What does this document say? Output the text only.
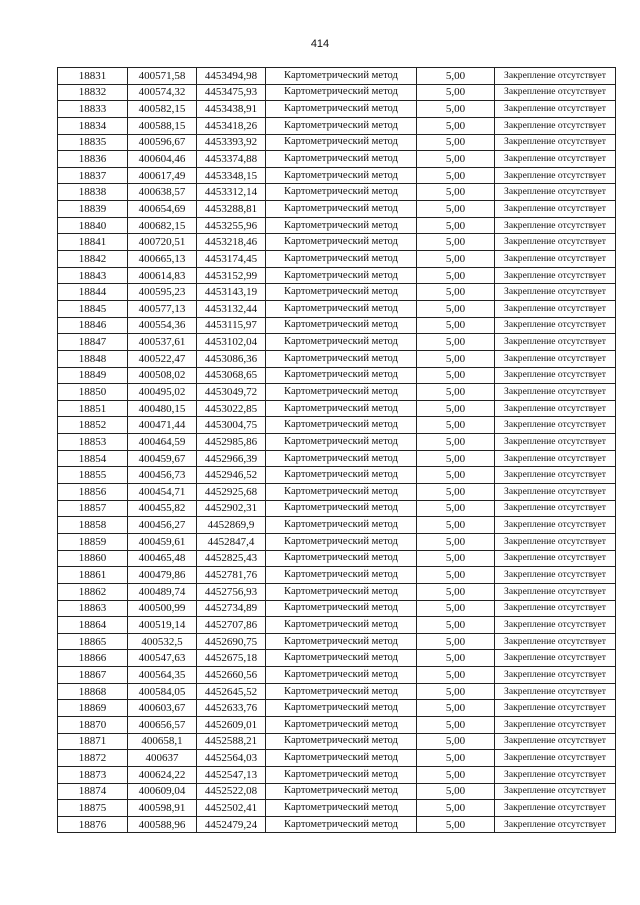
414
18831	400571,58	4453494,98	Картометрический метод	5,00	Закрепление отсутствует
18832	400574,32	4453475,93	Картометрический метод	5,00	Закрепление отсутствует
18833	400582,15	4453438,91	Картометрический метод	5,00	Закрепление отсутствует
18834	400588,15	4453418,26	Картометрический метод	5,00	Закрепление отсутствует
18835	400596,67	4453393,92	Картометрический метод	5,00	Закрепление отсутствует
18836	400604,46	4453374,88	Картометрический метод	5,00	Закрепление отсутствует
18837	400617,49	4453348,15	Картометрический метод	5,00	Закрепление отсутствует
18838	400638,57	4453312,14	Картометрический метод	5,00	Закрепление отсутствует
18839	400654,69	4453288,81	Картометрический метод	5,00	Закрепление отсутствует
18840	400682,15	4453255,96	Картометрический метод	5,00	Закрепление отсутствует
18841	400720,51	4453218,46	Картометрический метод	5,00	Закрепление отсутствует
18842	400665,13	4453174,45	Картометрический метод	5,00	Закрепление отсутствует
18843	400614,83	4453152,99	Картометрический метод	5,00	Закрепление отсутствует
18844	400595,23	4453143,19	Картометрический метод	5,00	Закрепление отсутствует
18845	400577,13	4453132,44	Картометрический метод	5,00	Закрепление отсутствует
18846	400554,36	4453115,97	Картометрический метод	5,00	Закрепление отсутствует
18847	400537,61	4453102,04	Картометрический метод	5,00	Закрепление отсутствует
18848	400522,47	4453086,36	Картометрический метод	5,00	Закрепление отсутствует
18849	400508,02	4453068,65	Картометрический метод	5,00	Закрепление отсутствует
18850	400495,02	4453049,72	Картометрический метод	5,00	Закрепление отсутствует
18851	400480,15	4453022,85	Картометрический метод	5,00	Закрепление отсутствует
18852	400471,44	4453004,75	Картометрический метод	5,00	Закрепление отсутствует
18853	400464,59	4452985,86	Картометрический метод	5,00	Закрепление отсутствует
18854	400459,67	4452966,39	Картометрический метод	5,00	Закрепление отсутствует
18855	400456,73	4452946,52	Картометрический метод	5,00	Закрепление отсутствует
18856	400454,71	4452925,68	Картометрический метод	5,00	Закрепление отсутствует
18857	400455,82	4452902,31	Картометрический метод	5,00	Закрепление отсутствует
18858	400456,27	4452869,9	Картометрический метод	5,00	Закрепление отсутствует
18859	400459,61	4452847,4	Картометрический метод	5,00	Закрепление отсутствует
18860	400465,48	4452825,43	Картометрический метод	5,00	Закрепление отсутствует
18861	400479,86	4452781,76	Картометрический метод	5,00	Закрепление отсутствует
18862	400489,74	4452756,93	Картометрический метод	5,00	Закрепление отсутствует
18863	400500,99	4452734,89	Картометрический метод	5,00	Закрепление отсутствует
18864	400519,14	4452707,86	Картометрический метод	5,00	Закрепление отсутствует
18865	400532,5	4452690,75	Картометрический метод	5,00	Закрепление отсутствует
18866	400547,63	4452675,18	Картометрический метод	5,00	Закрепление отсутствует
18867	400564,35	4452660,56	Картометрический метод	5,00	Закрепление отсутствует
18868	400584,05	4452645,52	Картометрический метод	5,00	Закрепление отсутствует
18869	400603,67	4452633,76	Картометрический метод	5,00	Закрепление отсутствует
18870	400656,57	4452609,01	Картометрический метод	5,00	Закрепление отсутствует
18871	400658,1	4452588,21	Картометрический метод	5,00	Закрепление отсутствует
18872	400637	4452564,03	Картометрический метод	5,00	Закрепление отсутствует
18873	400624,22	4452547,13	Картометрический метод	5,00	Закрепление отсутствует
18874	400609,04	4452522,08	Картометрический метод	5,00	Закрепление отсутствует
18875	400598,91	4452502,41	Картометрический метод	5,00	Закрепление отсутствует
18876	400588,96	4452479,24	Картометрический метод	5,00	Закрепление отсутствует
